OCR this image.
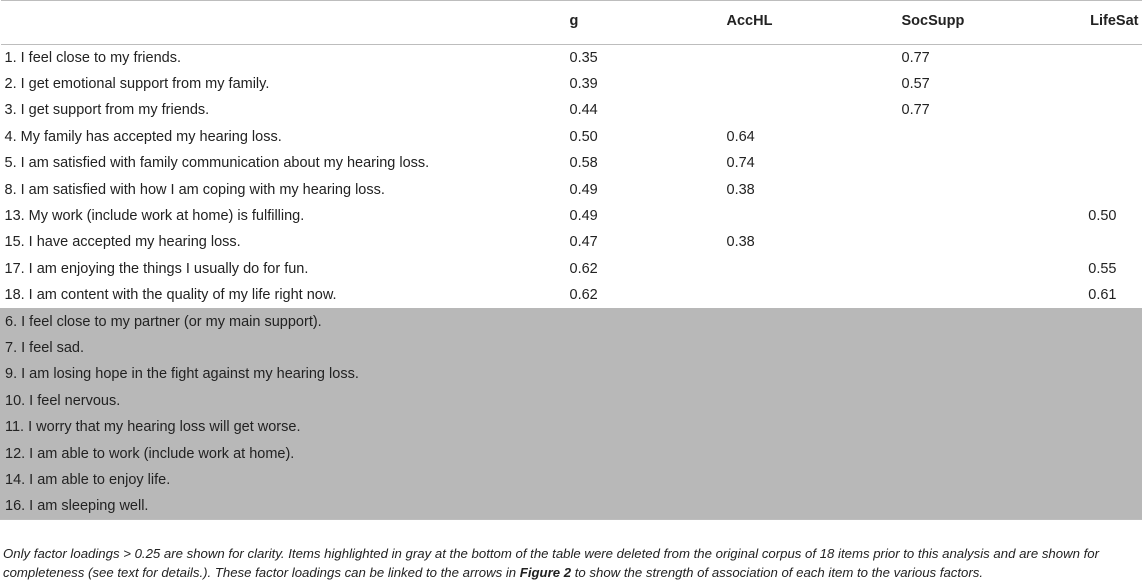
	g	AccHL	SocSupp	LifeSat
1. I feel close to my friends.	0.35		0.77	
2. I get emotional support from my family.	0.39		0.57	
3. I get support from my friends.	0.44		0.77	
4. My family has accepted my hearing loss.	0.50	0.64		
5. I am satisfied with family communication about my hearing loss.	0.58	0.74		
8. I am satisfied with how I am coping with my hearing loss.	0.49	0.38		
13. My work (include work at home) is fulfilling.	0.49			0.50
15. I have accepted my hearing loss.	0.47	0.38		
17. I am enjoying the things I usually do for fun.	0.62			0.55
18. I am content with the quality of my life right now.	0.62			0.61
6. I feel close to my partner (or my main support).				
7. I feel sad.				
9. I am losing hope in the fight against my hearing loss.				
10. I feel nervous.				
11. I worry that my hearing loss will get worse.				
12. I am able to work (include work at home).				
14. I am able to enjoy life.				
16. I am sleeping well.				
Only factor loadings > 0.25 are shown for clarity. Items highlighted in gray at the bottom of the table were deleted from the original corpus of 18 items prior to this analysis and are shown for completeness (see text for details.). These factor loadings can be linked to the arrows in Figure 2 to show the strength of association of each item to the various factors.
